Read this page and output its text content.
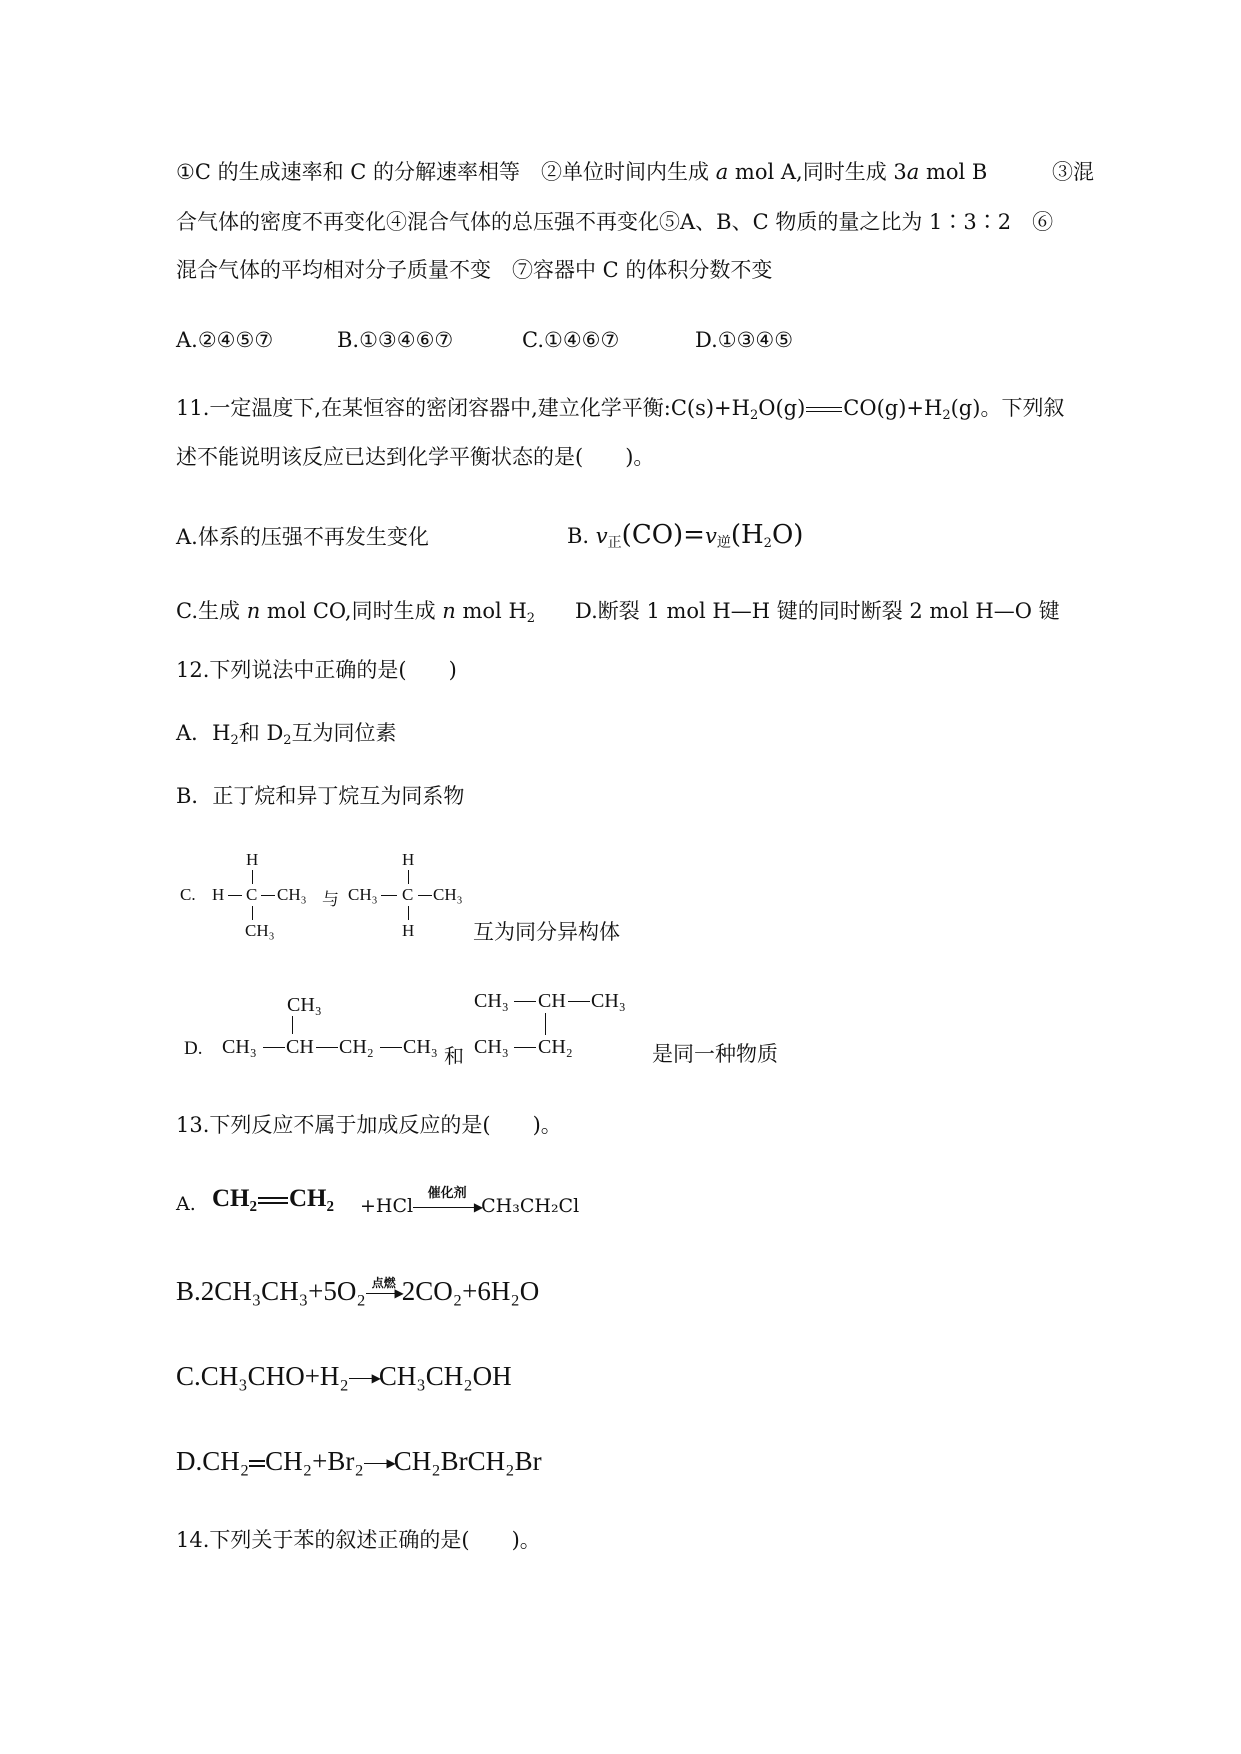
①C 的生成速率和 C 的分解速率相等　 ②单位时间内生成 a mol A,同时生成 3a mol B	③混
合气体的密度不再变化④混合气体的总压强不再变化⑤A、B、C 物质的量之比为 1∶3∶2　⑥
混合气体的平均相对分子质量不变　⑦容器中 C 的体积分数不变
A.②④⑤⑦	B.①③④⑥⑦	C.①④⑥⑦	D.①③④⑤
11.一定温度下,在某恒容的密闭容器中,建立化学平衡$:C(s)+H_2O(g)$ $CO(g)+H_2(g)$。下列叙
述不能说明该反应已达到化学平衡状态的是(　　)。
A.体系的压强不再发生变化	B. $v_正(CO)=v_逆(H_2O)$
C.生成 n mol CO,同时生成 n mol $H_2$ D.断裂 1 mol H—H 键的同时断裂 2 mol H—O 键
12.下列说法中正确的是(　　)
A．$H_2$和 $D_2$互为同位素
B．正丁烷和异丁烷互为同系物
C.
H
H C CH₃
CH₃
与
H
CH₃ C CH₃
H	互为同分异构体
D.
CH₃
CH₃ CH CH₂ CH₃ 和
CH₃ CH CH₃
CH₃ CH₂	是同一种物质
13.下列反应不属于加成反应的是(　　)。
A. CH₂ CH₂ +HCl	▶
催化剂
CH₃CH₂Cl
B.2CH₃CH₃+5O₂ ▶
点燃 2CO₂+6H₂O
C.CH₃CHO+H₂ ▶
CH₃CH₂OH
D.CH₂ CH₂+Br₂ ▶
CH₂BrCH₂Br
14.下列关于苯的叙述正确的是(　　)。
